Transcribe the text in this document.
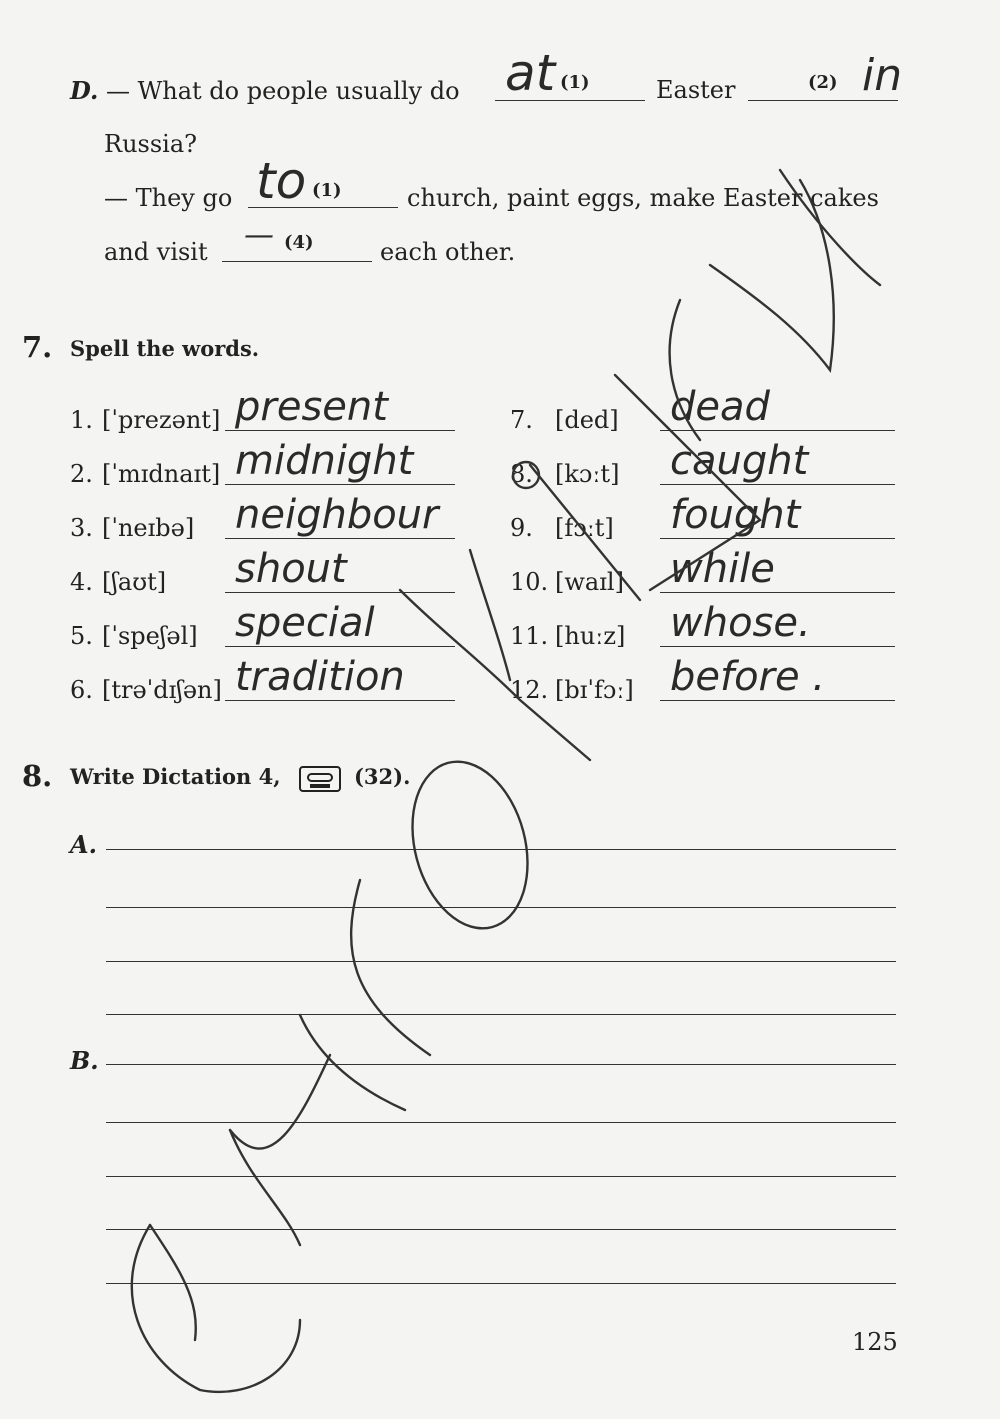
D. — What do people usually do at (1)	Easter	(2) in
Russia?
— They go to (1)	church, paint eggs, make Easter cakes
and visit — (4)	each other.
7. Spell the words.
1. [ˈprezənt] present
2. [ˈmɪdnaɪt] midnight
3. [ˈneɪbə] neighbour
4. [ʃaʊt] shout
5. [ˈspeʃəl] special
6. [trəˈdɪʃən] tradition
7. [ded] dead
8. [kɔːt] caught
9. [fɔːt] fought
10. [waɪl] while
11. [huːz] whose.
12. [bɪˈfɔː] before .
8. Write Dictation 4,	(32).
A.
B.
125
